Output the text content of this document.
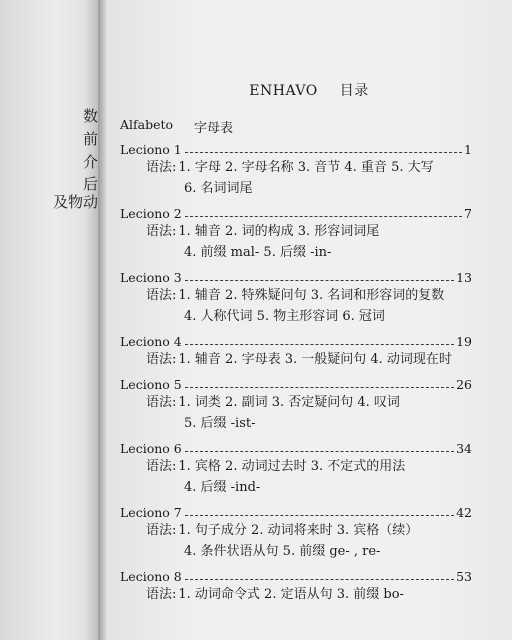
数
前
介
后
及物动
ENHAVO 目录
Alfabeto 字母表
Leciono 1	1
语法: 1. 字母 2. 字母名称 3. 音节 4. 重音 5. 大写
6. 名词词尾
Leciono 2	7
语法: 1. 辅音 2. 词的构成 3. 形容词词尾
4. 前缀 mal- 5. 后缀 -in-
Leciono 3	13
语法: 1. 辅音 2. 特殊疑问句 3. 名词和形容词的复数
4. 人称代词 5. 物主形容词 6. 冠词
Leciono 4	19
语法: 1. 辅音 2. 字母表 3. 一般疑问句 4. 动词现在时
Leciono 5	26
语法: 1. 词类 2. 副词 3. 否定疑问句 4. 叹词
5. 后缀 -ist-
Leciono 6	34
语法: 1. 宾格 2. 动词过去时 3. 不定式的用法
4. 后缀 -ind-
Leciono 7	42
语法: 1. 句子成分 2. 动词将来时 3. 宾格（续）
4. 条件状语从句 5. 前缀 ge- , re-
Leciono 8	53
语法: 1. 动词命令式 2. 定语从句 3. 前缀 bo-
